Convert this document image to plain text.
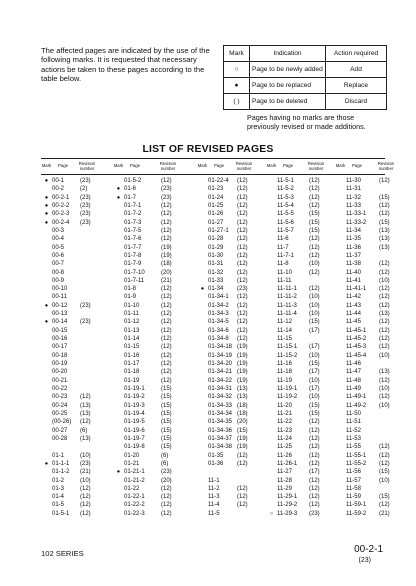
The affected pages are indicated by the use of the following marks. It is requested that necessary actions be taken to these pages according to the table below.
Mark	Indication	Action required
○	Page to be newly added	Add
●	Page to be replaced	Replace
( )	Page to be deleted	Discard
Pages having no marks are those previously revised or made additions.
LIST OF REVISED PAGES
Mark	Page	Revision number	Mark	Page	Revision number	Mark	Page	Revision number	Mark	Page	Revision number	Mark	Page	Revision number
● 00-1	(23)
00-2	(2)
● 00-2-1 (23)
● 00-2-2 (23)
● 00-2-3 (23)
● 00-2-4 (23)
00-3
00-4
00-5
00-6
00-7
00-8
00-9
00-10
00-11
● 00-12 (23)
00-13
● 00-14 (23)
00-15
00-16
00-17
00-18
00-19
00-20
00-21
00-22
00-23 (12)
00-24 (13)
00-25 (13)
(00-26) (12)
00-27 (6)
00-28 (13)
01-1	(10)
● 01-1-1 (23)
01-1-2 (21)
01-2	(10)
01-3	(12)
01-4	(12)
01-5	(12)
01-5-1 (12)
01-5-2	(12)
● 01-6	(23)
● 01-7	(23)
01-7-1	(12)
01-7-2	(12)
01-7-3	(12)
01-7-5	(12)
01-7-6	(12)
01-7-7	(19)
01-7-8	(19)
01-7-9	(18)
01-7-10	(20)
01-7-11	(21)
01-8	(12)
01-9	(12)
01-10	(12)
01-11	(12)
01-12	(12)
01-13	(12)
01-14	(12)
01-15	(12)
01-16	(12)
01-17	(12)
01-18	(12)
01-19	(12)
01-19-1	(15)
01-19-2	(15)
01-19-3	(15)
01-19-4	(15)
01-19-5	(15)
01-19-6	(15)
01-19-7	(15)
01-19-8	(15)
01-20	(6)
01-21	(6)
● 01-21-1	(23)
01-21-2	(20)
01-22	(12)
01-22-1	(12)
01-22-2	(12)
01-22-3	(12)
01-22-4 (12)
01-23 (12)
01-24 (12)
01-25 (12)
01-26 (12)
01-27 (12)
01-27-1 (12)
01-28 (12)
01-29 (12)
01-30 (12)
01-31 (12)
01-32 (12)
01-33 (12)
● 01-34 (23)
01-34-1 (12)
01-34-2 (12)
01-34-3 (12)
01-34-5 (12)
01-34-6 (12)
01-34-8 (12)
01-34-18 (19)
01-34-19 (19)
01-34-20 (19)
01-34-21 (19)
01-34-22 (19)
01-34-31 (13)
01-34-32 (13)
01-34-33 (18)
01-34-34 (18)
01-34-35 (20)
01-34-36 (15)
01-34-37 (19)
01-34-38 (19)
01-35 (12)
01-36 (12)
11-1
11-2	(12)
11-3	(12)
11-4	(12)
11-5
11-5-1	(12)
11-5-2	(12)
11-5-3	(12)
11-5-4	(12)
11-5-5	(15)
11-5-6	(15)
11-5-7	(15)
11-6	(12)
11-7	(12)
11-7-1	(12)
11-8	(10)
11-10	(12)
11-11
11-11-1 (12)
11-11-2 (10)
11-11-3 (10)
11-11-4 (10)
11-12	(15)
11-14	(17)
11-15
11-15-1 (17)
11-15-2 (10)
11-16	(15)
11-18	(17)
11-19	(10)
11-19-1 (17)
11-19-2 (10)
11-20	(15)
11-21	(15)
11-22	(12)
11-23	(12)
11-24	(12)
11-25	(12)
11-26	(12)
11-26-1 (12)
11-27	(17)
11-28	(12)
11-29	(12)
11-29-1 (12)
11-29-2 (12)
○ 11-29-3 (23)
11-30	(12)
11-31
11-32	(15)
11-33	(12)
11-33-1 (12)
11-33-2 (15)
11-34	(13)
11-35	(13)
11-36	(13)
11-37
11-38	(12)
11-40	(12)
11-41	(10)
11-41-1 (12)
11-42	(12)
11-43	(12)
11-44	(13)
11-45	(12)
11-45-1 (12)
11-45-2 (12)
11-45-3 (12)
11-45-4 (10)
11-46
11-47	(13)
11-48	(12)
11-49	(10)
11-49-1 (12)
11-49-2 (10)
11-50
11-51
11-52
11-53
11-55	(12)
11-55-1 (12)
11-55-2 (12)
11-56	(15)
11-57	(10)
11-58
11-59	(15)
11-59-1 (12)
11-59-2 (21)
102 SERIES	00-2-1
(23)
